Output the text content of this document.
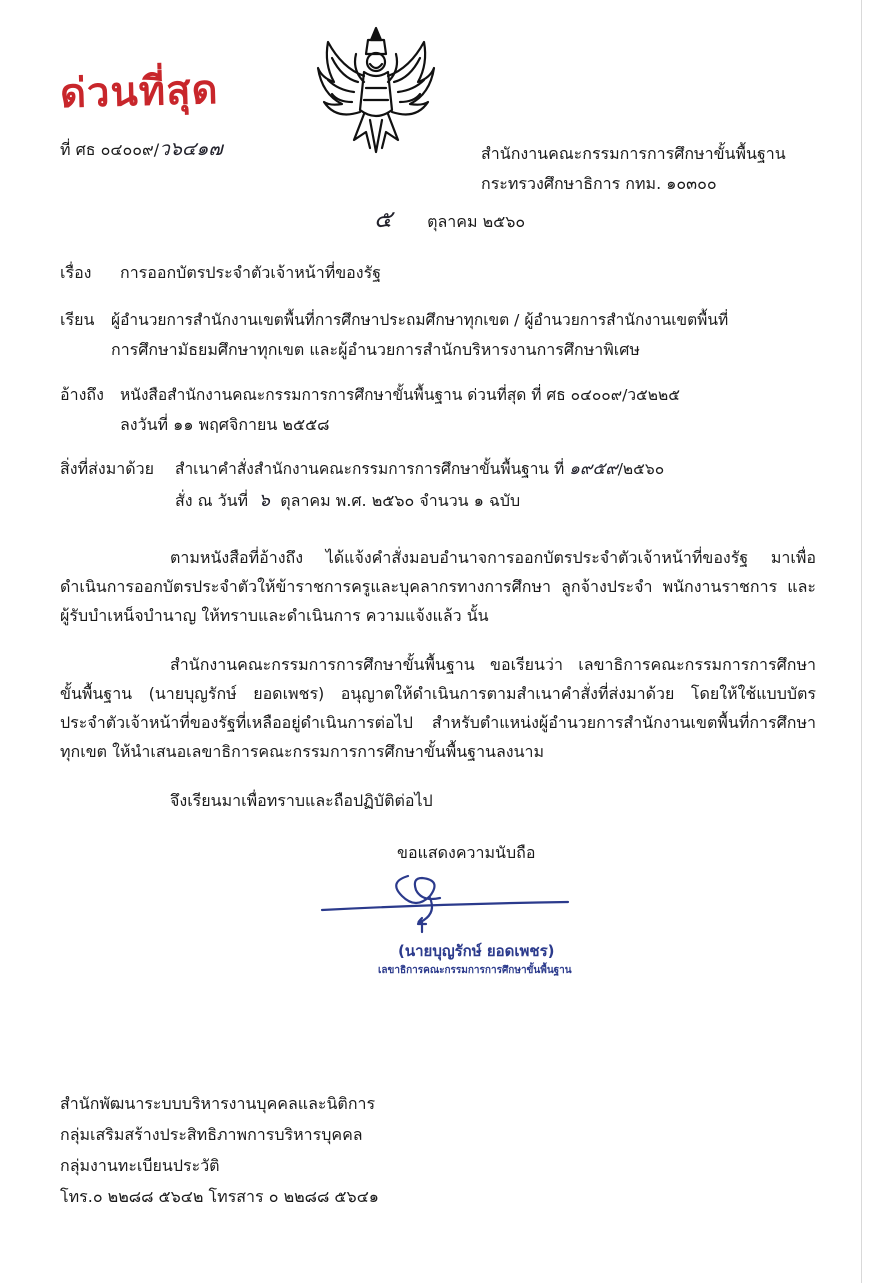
ด่วนที่สุด
ที่ ศธ ๐๔๐๐๙/ว๖๔๑๗	สำนักงานคณะกรรมการการศึกษาขั้นพื้นฐาน
กระทรวงศึกษาธิการ กทม. ๑๐๓๐๐
๕ ตุลาคม ๒๕๖๐
เรื่อง การออกบัตรประจำตัวเจ้าหน้าที่ของรัฐ
เรียน ผู้อำนวยการสำนักงานเขตพื้นที่การศึกษาประถมศึกษาทุกเขต / ผู้อำนวยการสำนักงานเขตพื้นที่
การศึกษามัธยมศึกษาทุกเขต และผู้อำนวยการสำนักบริหารงานการศึกษาพิเศษ
อ้างถึง หนังสือสำนักงานคณะกรรมการการศึกษาขั้นพื้นฐาน ด่วนที่สุด ที่ ศธ ๐๔๐๐๙/ว๕๒๒๕
ลงวันที่ ๑๑ พฤศจิกายน ๒๕๕๘
สิ่งที่ส่งมาด้วย สำเนาคำสั่งสำนักงานคณะกรรมการการศึกษาขั้นพื้นฐาน ที่ ๑๙๕๙/๒๕๖๐
สั่ง ณ วันที่ ๖ ตุลาคม พ.ศ. ๒๕๖๐ จำนวน ๑ ฉบับ
ตามหนังสือที่อ้างถึง ได้แจ้งคำสั่งมอบอำนาจการออกบัตรประจำตัวเจ้าหน้าที่ของรัฐ มาเพื่อดำเนินการออกบัตรประจำตัวให้ข้าราชการครูและบุคลากรทางการศึกษา ลูกจ้างประจำ พนักงานราชการ และผู้รับบำเหน็จบำนาญ ให้ทราบและดำเนินการ ความแจ้งแล้ว นั้น
สำนักงานคณะกรรมการการศึกษาขั้นพื้นฐาน ขอเรียนว่า เลขาธิการคณะกรรมการการศึกษาขั้นพื้นฐาน (นายบุญรักษ์ ยอดเพชร) อนุญาตให้ดำเนินการตามสำเนาคำสั่งที่ส่งมาด้วย โดยให้ใช้แบบบัตรประจำตัวเจ้าหน้าที่ของรัฐที่เหลืออยู่ดำเนินการต่อไป สำหรับตำแหน่งผู้อำนวยการสำนักงานเขตพื้นที่การศึกษาทุกเขต ให้นำเสนอเลขาธิการคณะกรรมการการศึกษาขั้นพื้นฐานลงนาม
จึงเรียนมาเพื่อทราบและถือปฏิบัติต่อไป
ขอแสดงความนับถือ
(นายบุญรักษ์ ยอดเพชร)
เลขาธิการคณะกรรมการการศึกษาขั้นพื้นฐาน
สำนักพัฒนาระบบบริหารงานบุคคลและนิติการ
กลุ่มเสริมสร้างประสิทธิภาพการบริหารบุคคล
กลุ่มงานทะเบียนประวัติ
โทร.๐ ๒๒๘๘ ๕๖๔๒ โทรสาร ๐ ๒๒๘๘ ๕๖๔๑
